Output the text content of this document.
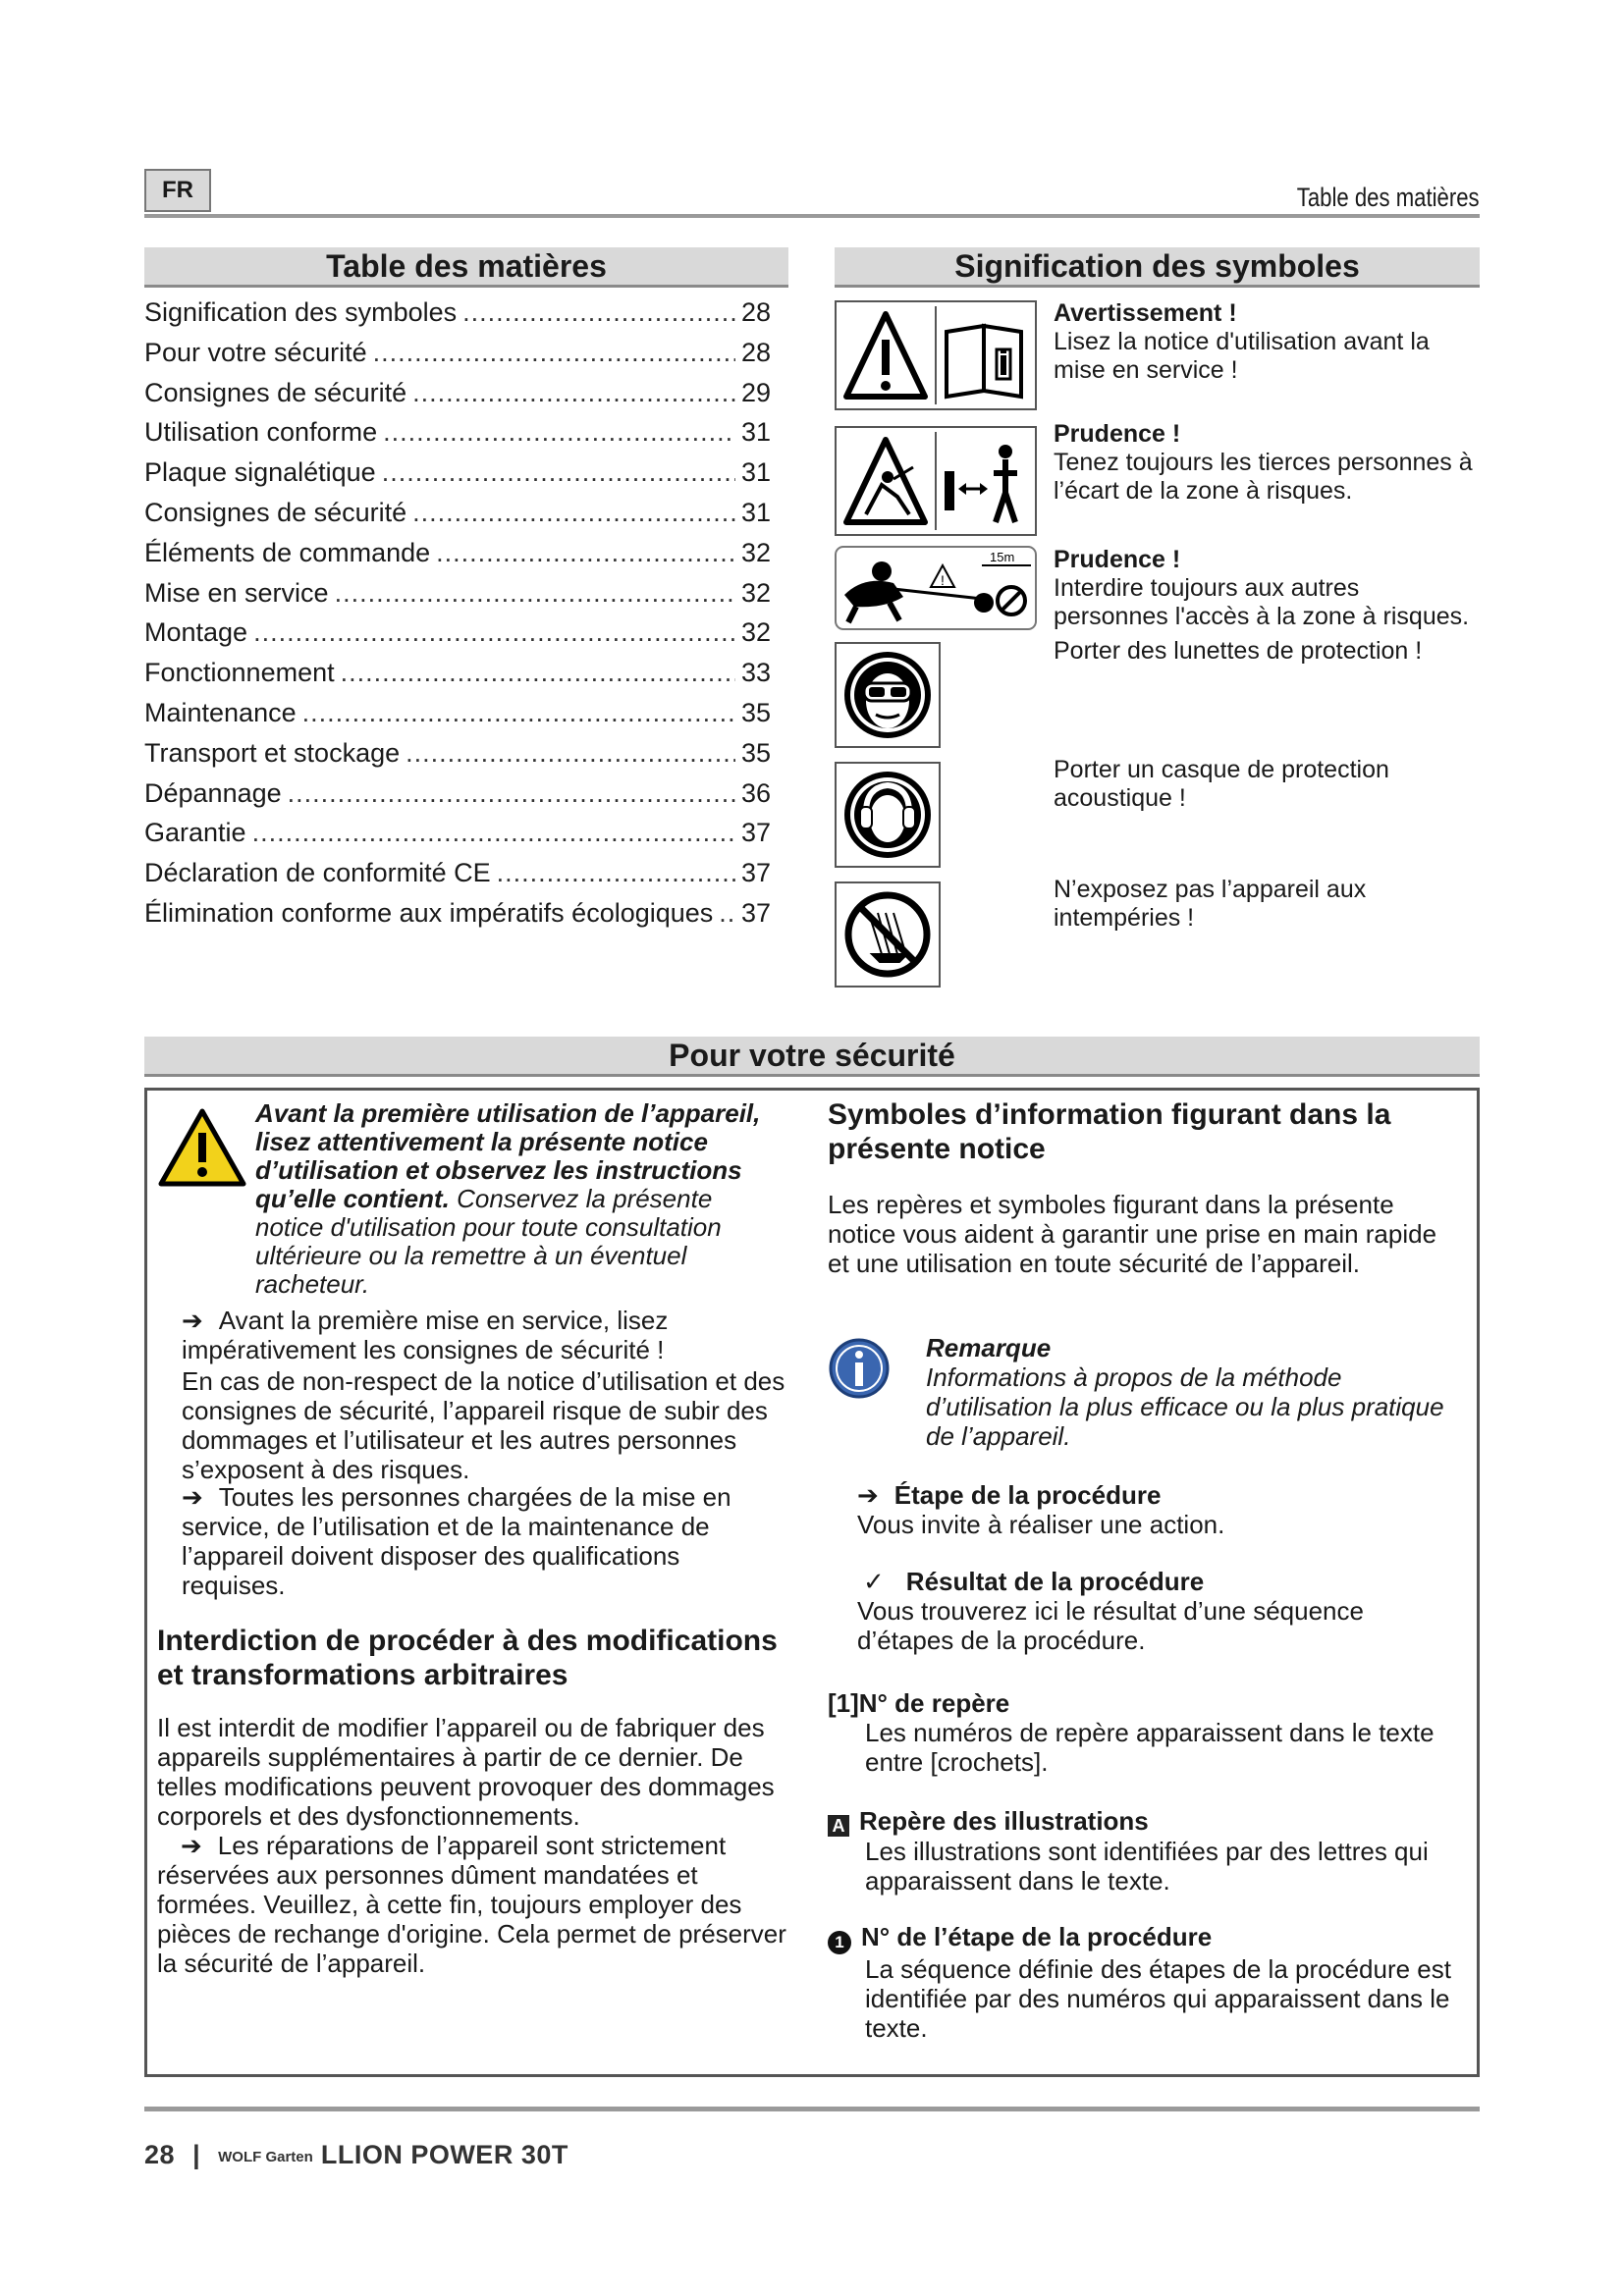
FR	Table des matières
Table des matières
Signification des symboles .....	28
Pour votre sécurité .....	28
Consignes de sécurité .....	29
Utilisation conforme .....	31
Plaque signalétique .....	31
Consignes de sécurité .....	31
Éléments de commande .....	32
Mise en service .....	32
Montage .....	32
Fonctionnement .....	33
Maintenance .....	35
Transport et stockage .....	35
Dépannage .....	36
Garantie .....	37
Déclaration de conformité CE .....	37
Élimination conforme aux impératifs écologiques ..... 37
Signification des symboles
Avertissement !
Lisez la notice d'utilisation avant la mise en service !
Prudence !
Tenez toujours les tierces personnes à l’écart de la zone à risques.
!
15m Prudence !
Interdire toujours aux autres personnes l'accès à la zone à risques.
Porter des lunettes de protection !
Porter un casque de protection acoustique !
N’exposez pas l’appareil aux intempéries !
Pour votre sécurité
Avant la première utilisation de l’appareil, lisez attentivement la présente notice d’utilisation et observez les instructions qu’elle contient. Conservez la présente notice d'utilisation pour toute consultation ultérieure ou la remettre à un éventuel racheteur.
➔ Avant la première mise en service, lisez impérativement les consignes de sécurité !
En cas de non-respect de la notice d’utilisation et des consignes de sécurité, l’appareil risque de subir des dommages et l’utilisateur et les autres personnes s’exposent à des risques.
➔ Toutes les personnes chargées de la mise en service, de l’utilisation et de la maintenance de l’appareil doivent disposer des qualifications requises.
Interdiction de procéder à des modifications et transformations arbitraires
Il est interdit de modifier l’appareil ou de fabriquer des appareils supplémentaires à partir de ce dernier. De telles modifications peuvent provoquer des dommages corporels et des dysfonctionnements.
➔ Les réparations de l’appareil sont strictement réservées aux personnes dûment mandatées et formées. Veuillez, à cette fin, toujours employer des pièces de rechange d'origine. Cela permet de préserver la sécurité de l’appareil.
Symboles d’information figurant dans la présente notice
Les repères et symboles figurant dans la présente notice vous aident à garantir une prise en main rapide et une utilisation en toute sécurité de l’appareil.
Remarque
Informations à propos de la méthode d’utilisation la plus efficace ou la plus pratique de l’appareil.
➔ Étape de la procédure
Vous invite à réaliser une action.
✓ Résultat de la procédure
Vous trouverez ici le résultat d’une séquence d’étapes de la procédure.
[1]N° de repère
Les numéros de repère apparaissent dans le texte entre [crochets].
A Repère des illustrations
Les illustrations sont identifiées par des lettres qui apparaissent dans le texte.
1 N° de l’étape de la procédure
La séquence définie des étapes de la procédure est identifiée par des numéros qui apparaissent dans le texte.
28 | WOLF Garten LLION POWER 30T
